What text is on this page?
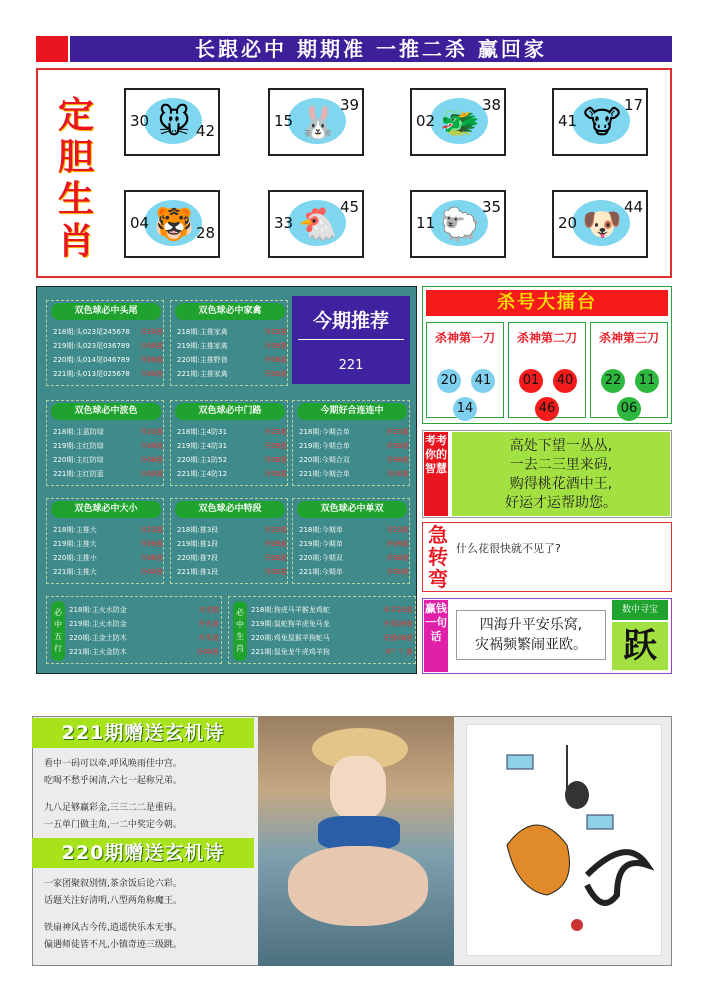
长跟必中 期期准 一推二杀 赢回家
定
胆
生
肖
🐭
30
42	🐰
15
39	🐲
02
38	🐮
41
17
🐯
04
28	🐔
33
45	🐑
11
35	🐶
20
44
双色球必中头尾
218期:头023尾245678 开20准
219期:头023尾036789 开09准
220期:头014尾046789 开08准
221期:头013尾025678 开00准
双色球必中家禽
218期:主推家禽	开23准
219期:主推家禽	开09准
220期:主推野兽	开08准
221期:主推家禽	开00准
双色球必中波色
218期:主蓝防绿	开23准
219期:主红防绿	开09准
220期:主红防绿	开08准
221期:主红防蓝	开00准
双色球必中门路
218期:主4防31	开23准
219期:主4防31	开09准
220期:主1防52	开08准
221期:主4防12	开00准
今期好合连连中
218期:今期合单	开23准
219期:今期合单	开09准
220期:今期合双	开08准
221期:今期合单	开00准
双色球必中大小
218期:主推大	开23准
219期:主推大	开09准
220期:主推小	开08准
221期:主推大	开00准
双色球必中特段
218期:推3段	开23准
219期:推1段	开09准
220期:推7段	开08准
221期:推1段	开00准
双色球必中单双
218期:今期单	开23准
219期:今期单	开09准
220期:今期双	开08准
221期:今期单	开00准
必中五行
218期:主火水防金	开木错
219期:主火水防金	开火准
220期:主金土防木	开木准
221期:主火金防木	开00准
必中生肖
218期:狗虎马羊猴龙鸡蛇	开羊23准
219期:鼠蛇狗羊虎兔马龙	开鸡09准
220期:鸡兔鼠猴羊狗蛇马	开猴08准
221期:鼠兔龙牛虎鸡羊狗	开？？准
今期推荐
221
杀号大擂台
杀神第一刀
20 41
14
杀神第二刀
01 40
46
杀神第三刀
22 11
06
考考你的智慧
高处下望一丛丛,
一去二三里来码,
购得桃花酒中王,
好运才运帮助您。
急转弯
什么花很快就不见了?
赢钱一句话
四海升平安乐窝,
灾祸频繁闹亚欧。
数中寻宝
跃
221期赠送玄机诗
看中一码可以牵,呼风唤雨佳中宫。
吃喝不愁乎闲清,六七一起称兄弟。
九八足够赢彩金,三三二二是重码。
一五单门做主角,一二中奖定今朝。
220期赠送玄机诗
一家团聚叙别情,茶余饭后论六彩。
话题关注好清明,八型两角称魔王。
铁扇神风古今传,逍遥快乐本无事。
偏遇师徒皆不凡,小镇奇迹三级跳。
